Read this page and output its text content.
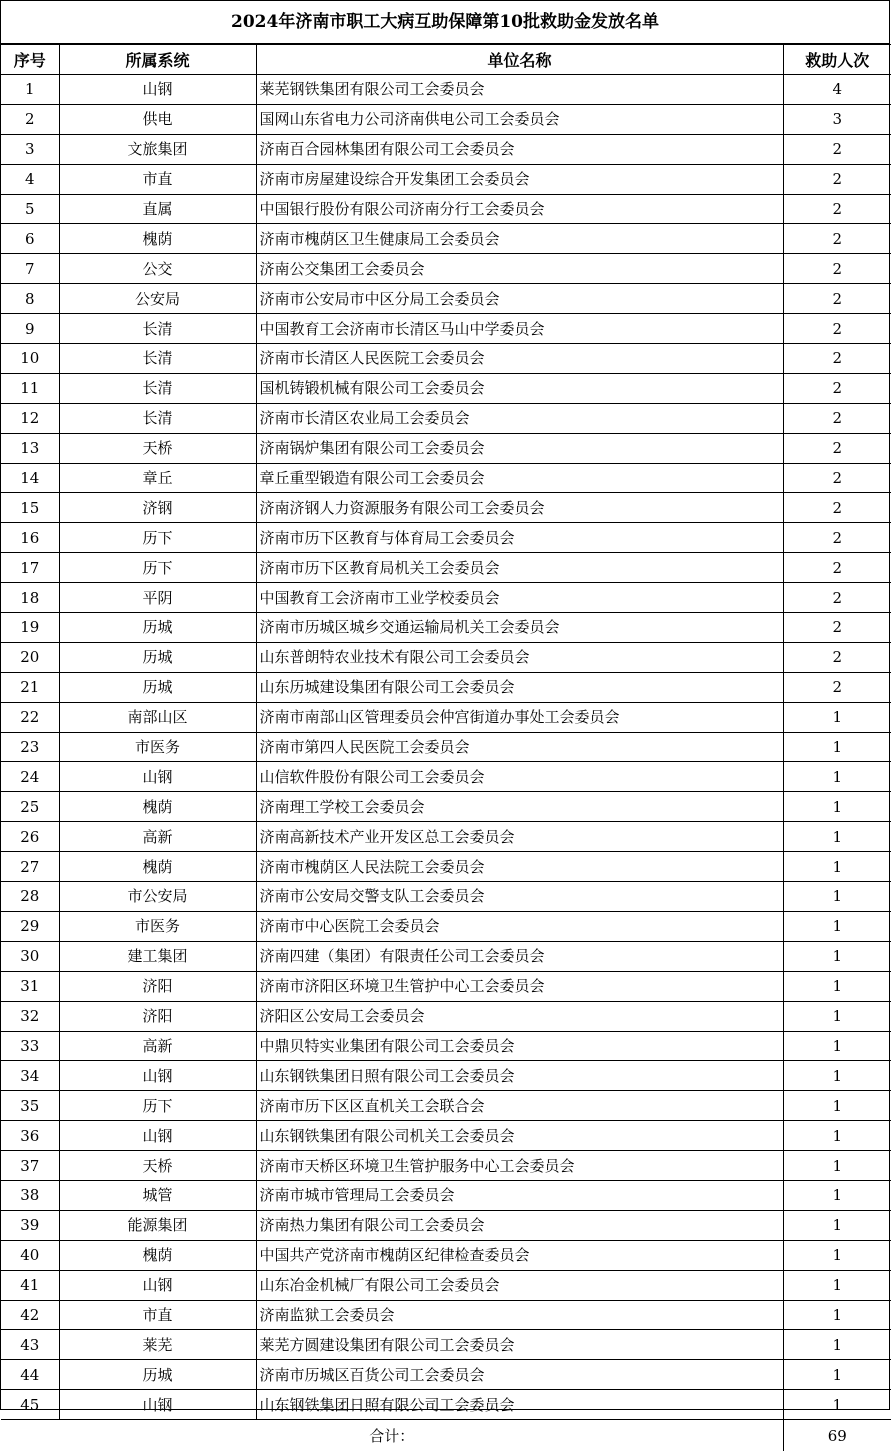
2024年济南市职工大病互助保障第10批救助金发放名单
序号	所属系统	单位名称	救助人次
1	山钢	莱芜钢铁集团有限公司工会委员会	4
2	供电	国网山东省电力公司济南供电公司工会委员会	3
3	文旅集团	济南百合园林集团有限公司工会委员会	2
4	市直	济南市房屋建设综合开发集团工会委员会	2
5	直属	中国银行股份有限公司济南分行工会委员会	2
6	槐荫	济南市槐荫区卫生健康局工会委员会	2
7	公交	济南公交集团工会委员会	2
8	公安局	济南市公安局市中区分局工会委员会	2
9	长清	中国教育工会济南市长清区马山中学委员会	2
10	长清	济南市长清区人民医院工会委员会	2
11	长清	国机铸锻机械有限公司工会委员会	2
12	长清	济南市长清区农业局工会委员会	2
13	天桥	济南锅炉集团有限公司工会委员会	2
14	章丘	章丘重型锻造有限公司工会委员会	2
15	济钢	济南济钢人力资源服务有限公司工会委员会	2
16	历下	济南市历下区教育与体育局工会委员会	2
17	历下	济南市历下区教育局机关工会委员会	2
18	平阴	中国教育工会济南市工业学校委员会	2
19	历城	济南市历城区城乡交通运输局机关工会委员会	2
20	历城	山东普朗特农业技术有限公司工会委员会	2
21	历城	山东历城建设集团有限公司工会委员会	2
22	南部山区	济南市南部山区管理委员会仲宫街道办事处工会委员会	1
23	市医务	济南市第四人民医院工会委员会	1
24	山钢	山信软件股份有限公司工会委员会	1
25	槐荫	济南理工学校工会委员会	1
26	高新	济南高新技术产业开发区总工会委员会	1
27	槐荫	济南市槐荫区人民法院工会委员会	1
28	市公安局	济南市公安局交警支队工会委员会	1
29	市医务	济南市中心医院工会委员会	1
30	建工集团	济南四建（集团）有限责任公司工会委员会	1
31	济阳	济南市济阳区环境卫生管护中心工会委员会	1
32	济阳	济阳区公安局工会委员会	1
33	高新	中鼎贝特实业集团有限公司工会委员会	1
34	山钢	山东钢铁集团日照有限公司工会委员会	1
35	历下	济南市历下区区直机关工会联合会	1
36	山钢	山东钢铁集团有限公司机关工会委员会	1
37	天桥	济南市天桥区环境卫生管护服务中心工会委员会	1
38	城管	济南市城市管理局工会委员会	1
39	能源集团	济南热力集团有限公司工会委员会	1
40	槐荫	中国共产党济南市槐荫区纪律检查委员会	1
41	山钢	山东冶金机械厂有限公司工会委员会	1
42	市直	济南监狱工会委员会	1
43	莱芜	莱芜方圆建设集团有限公司工会委员会	1
44	历城	济南市历城区百货公司工会委员会	1
45	山钢	山东钢铁集团日照有限公司工会委员会	1
合计：			69
